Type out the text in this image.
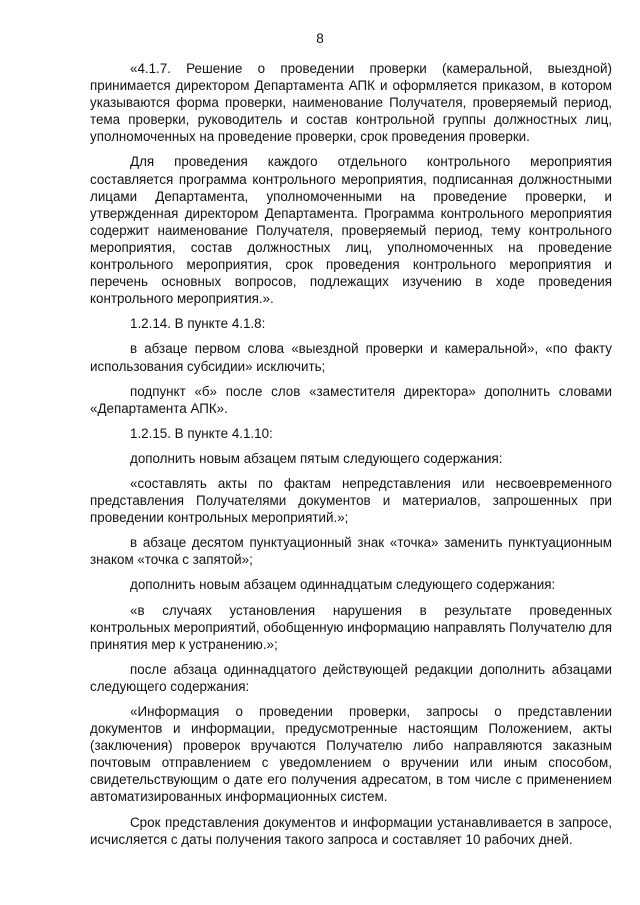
8

«4.1.7. Решение о проведении проверки (камеральной, выездной) принимается директором Департамента АПК и оформляется приказом, в котором указываются форма проверки, наименование Получателя, проверяемый период, тема проверки, руководитель и состав контрольной группы должностных лиц, уполномоченных на проведение проверки, срок проведения проверки.

Для проведения каждого отдельного контрольного мероприятия составляется программа контрольного мероприятия, подписанная должностными лицами Департамента, уполномоченными на проведение проверки, и утвержденная директором Департамента. Программа контрольного мероприятия содержит наименование Получателя, проверяемый период, тему контрольного мероприятия, состав должностных лиц, уполномоченных на проведение контрольного мероприятия, срок проведения контрольного мероприятия и перечень основных вопросов, подлежащих изучению в ходе проведения контрольного мероприятия.».

1.2.14. В пункте 4.1.8:

в абзаце первом слова «выездной проверки и камеральной», «по факту использования субсидии» исключить;

подпункт «б» после слов «заместителя директора» дополнить словами «Департамента АПК».

1.2.15. В пункте 4.1.10:

дополнить новым абзацем пятым следующего содержания:

«составлять акты по фактам непредставления или несвоевременного представления Получателями документов и материалов, запрошенных при проведении контрольных мероприятий.»;

в абзаце десятом пунктуационный знак «точка» заменить пунктуационным знаком «точка с запятой»;

дополнить новым абзацем одиннадцатым следующего содержания:

«в случаях установления нарушения в результате проведенных контрольных мероприятий, обобщенную информацию направлять Получателю для принятия мер к устранению.»;

после абзаца одиннадцатого действующей редакции дополнить абзацами следующего содержания:

«Информация о проведении проверки, запросы о представлении документов и информации, предусмотренные настоящим Положением, акты (заключения) проверок вручаются Получателю либо направляются заказным почтовым отправлением с уведомлением о вручении или иным способом, свидетельствующим о дате его получения адресатом, в том числе с применением автоматизированных информационных систем.

Срок представления документов и информации устанавливается в запросе, исчисляется с даты получения такого запроса и составляет 10 рабочих дней.
